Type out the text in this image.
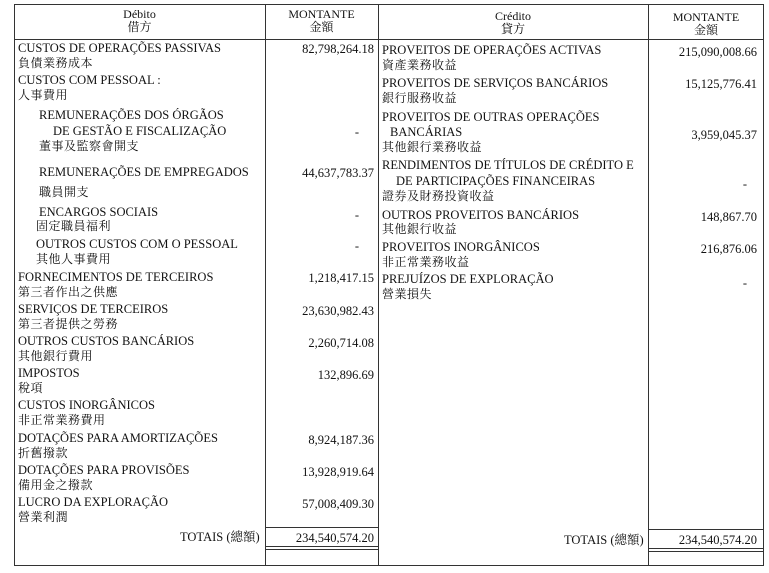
Débito
借方
MONTANTE
金額
Crédito
貸方
MONTANTE
金額
CUSTOS DE OPERAÇÕES PASSIVAS
負債業務成本
82,798,264.18
CUSTOS COM PESSOAL :
人事費用
REMUNERAÇÕES DOS ÓRGÃOS
DE GESTÃO E FISCALIZAÇÃO
董事及監察會開支
-
REMUNERAÇÕES DE EMPREGADOS
職員開支
44,637,783.37
ENCARGOS SOCIAIS
固定職員福利
-
OUTROS CUSTOS COM O PESSOAL
其他人事費用
-
FORNECIMENTOS DE TERCEIROS
第三者作出之供應
1,218,417.15
SERVIÇOS DE TERCEIROS
第三者提供之勞務
23,630,982.43
OUTROS CUSTOS BANCÁRIOS
其他銀行費用
2,260,714.08
IMPOSTOS
稅項
132,896.69
CUSTOS INORGÂNICOS
非正常業務費用
DOTAÇÕES PARA AMORTIZAÇÕES
折舊撥款
8,924,187.36
DOTAÇÕES PARA PROVISÕES
備用金之撥款
13,928,919.64
LUCRO DA EXPLORAÇÃO
營業利潤
57,008,409.30
TOTAIS (總額)	234,540,574.20
PROVEITOS DE OPERAÇÕES ACTIVAS
資產業務收益
215,090,008.66
PROVEITOS DE SERVIÇOS BANCÁRIOS
銀行服務收益
15,125,776.41
PROVEITOS DE OUTRAS OPERAÇÕES
BANCÁRIAS
其他銀行業務收益
3,959,045.37
RENDIMENTOS DE TÍTULOS DE CRÉDITO E
DE PARTICIPAÇÕES FINANCEIRAS
證券及財務投資收益
-
OUTROS PROVEITOS BANCÁRIOS
其他銀行收益
148,867.70
PROVEITOS INORGÂNICOS
非正常業務收益
216,876.06
PREJUÍZOS DE EXPLORAÇÃO
營業損失
-
TOTAIS (總額)	234,540,574.20
